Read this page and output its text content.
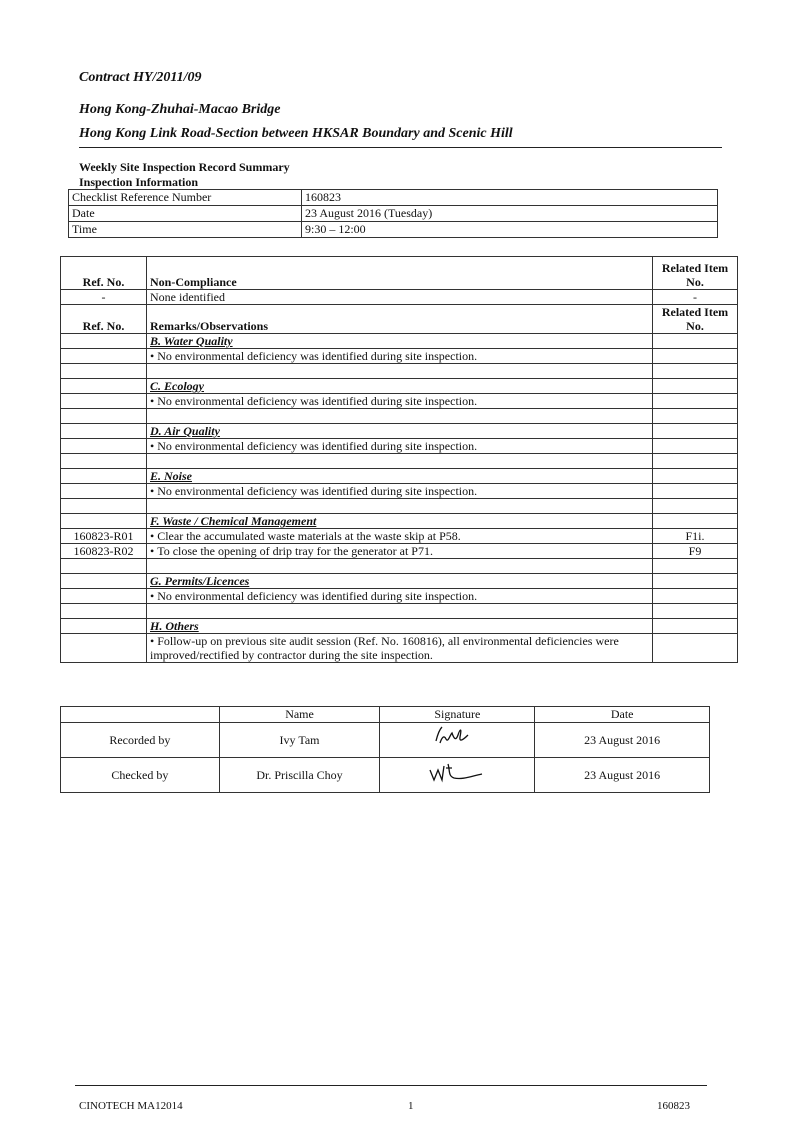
Contract HY/2011/09
Hong Kong-Zhuhai-Macao Bridge
Hong Kong Link Road-Section between HKSAR Boundary and Scenic Hill
Weekly Site Inspection Record Summary
Inspection Information
Checklist Reference Number	160823
Date	23 August 2016 (Tuesday)
Time	9:30 – 12:00
Ref. No.	Non-Compliance	Related Item No.
-	None identified	-
Ref. No.	Remarks/Observations	Related Item No.
	B. Water Quality	
	• No environmental deficiency was identified during site inspection.	

	C. Ecology	
	• No environmental deficiency was identified during site inspection.	

	D. Air Quality	
	• No environmental deficiency was identified during site inspection.	

	E. Noise	
	• No environmental deficiency was identified during site inspection.	

	F. Waste / Chemical Management	
160823-R01	• Clear the accumulated waste materials at the waste skip at P58.	F1i.
160823-R02	• To close the opening of drip tray for the generator at P71.	F9

	G. Permits/Licences	
	• No environmental deficiency was identified during site inspection.	

	H. Others	
	• Follow-up on previous site audit session (Ref. No. 160816), all environmental deficiencies were improved/rectified by contractor during the site inspection.	
	Name	Signature	Date
Recorded by	Ivy Tam		23 August 2016
Checked by	Dr. Priscilla Choy		23 August 2016
CINOTECH MA12014	1	160823
